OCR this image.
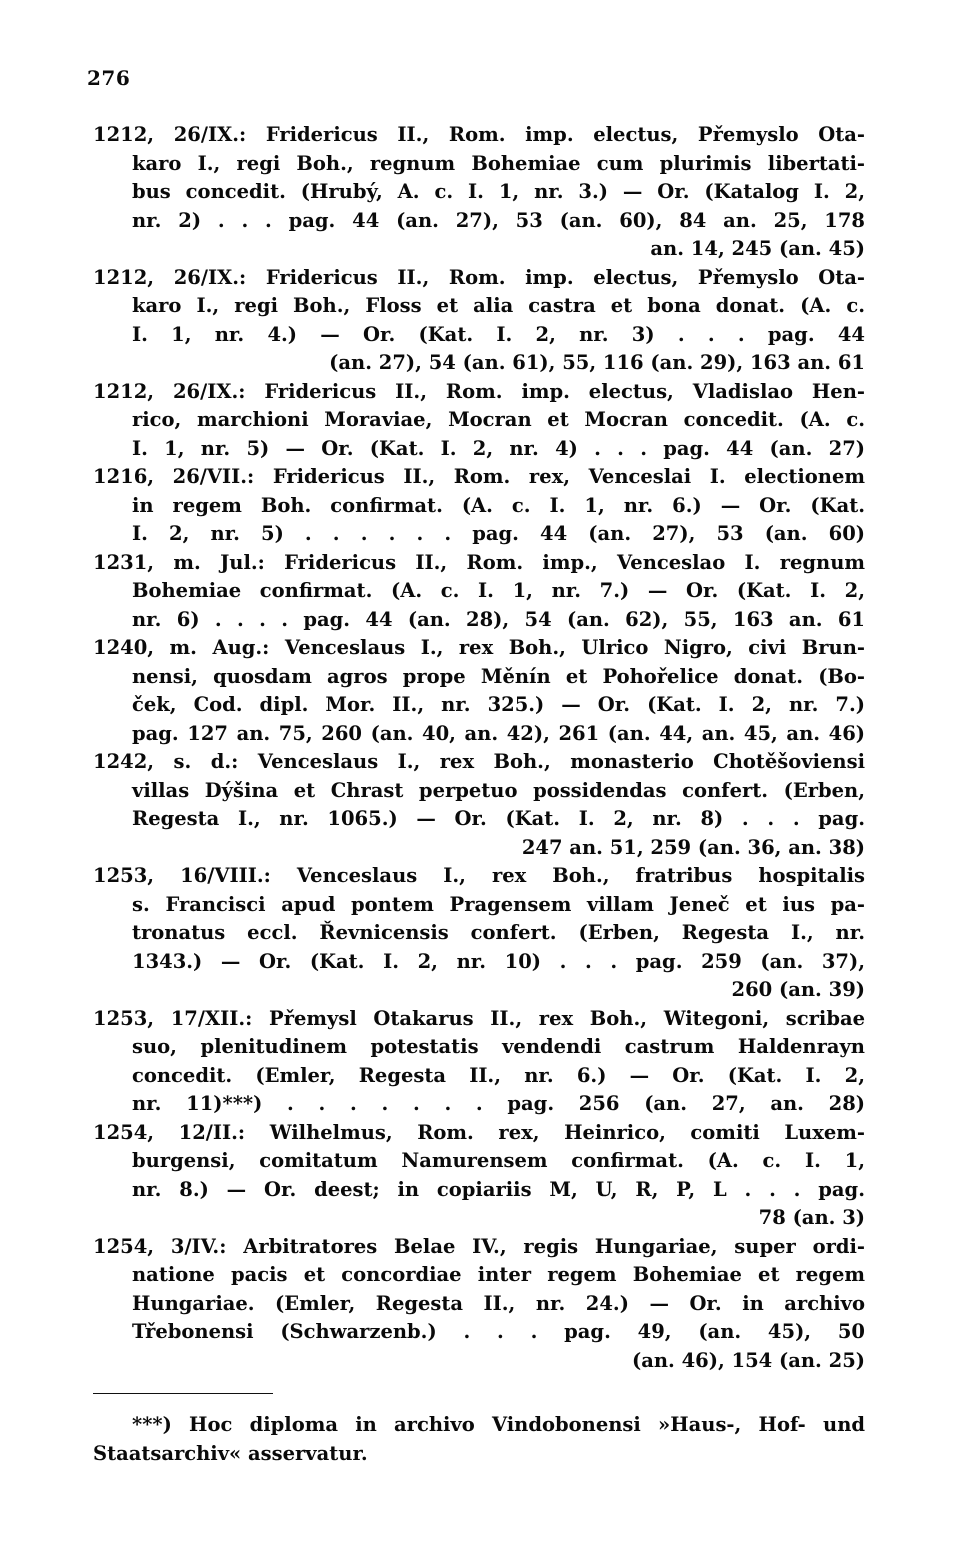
276
1212, 26/IX.: Fridericus II., Rom. imp. electus, Přemyslo Ota-
karo I., regi Boh., regnum Bohemiae cum plurimis libertati-
bus concedit. (Hrubý, A. c. I. 1, nr. 3.) — Or. (Katalog I. 2,
nr. 2) . . . pag. 44 (an. 27), 53 (an. 60), 84 an. 25, 178
an. 14, 245 (an. 45)
1212, 26/IX.: Fridericus II., Rom. imp. electus, Přemyslo Ota-
karo I., regi Boh., Floss et alia castra et bona donat. (A. c.
I. 1, nr. 4.) — Or. (Kat. I. 2, nr. 3) . . . pag. 44
(an. 27), 54 (an. 61), 55, 116 (an. 29), 163 an. 61
1212, 26/IX.: Fridericus II., Rom. imp. electus, Vladislao Hen-
rico, marchioni Moraviae, Mocran et Mocran concedit. (A. c.
I. 1, nr. 5) — Or. (Kat. I. 2, nr. 4) . . . pag. 44 (an. 27)
1216, 26/VII.: Fridericus II., Rom. rex, Venceslai I. electionem
in regem Boh. confirmat. (A. c. I. 1, nr. 6.) — Or. (Kat.
I. 2, nr. 5) . . . . . . pag. 44 (an. 27), 53 (an. 60)
1231, m. Jul.: Fridericus II., Rom. imp., Venceslao I. regnum
Bohemiae confirmat. (A. c. I. 1, nr. 7.) — Or. (Kat. I. 2,
nr. 6) . . . . pag. 44 (an. 28), 54 (an. 62), 55, 163 an. 61
1240, m. Aug.: Venceslaus I., rex Boh., Ulrico Nigro, civi Brun-
nensi, quosdam agros prope Měnín et Pohořelice donat. (Bo-
ček, Cod. dipl. Mor. II., nr. 325.) — Or. (Kat. I. 2, nr. 7.)
pag. 127 an. 75, 260 (an. 40, an. 42), 261 (an. 44, an. 45, an. 46)
1242, s. d.: Venceslaus I., rex Boh., monasterio Chotěšoviensi
villas Dýšina et Chrast perpetuo possidendas confert. (Erben,
Regesta I., nr. 1065.) — Or. (Kat. I. 2, nr. 8) . . . pag.
247 an. 51, 259 (an. 36, an. 38)
1253, 16/VIII.: Venceslaus I., rex Boh., fratribus hospitalis
s. Francisci apud pontem Pragensem villam Jeneč et ius pa-
tronatus eccl. Řevnicensis confert. (Erben, Regesta I., nr.
1343.) — Or. (Kat. I. 2, nr. 10) . . . pag. 259 (an. 37),
260 (an. 39)
1253, 17/XII.: Přemysl Otakarus II., rex Boh., Witegoni, scribae
suo, plenitudinem potestatis vendendi castrum Haldenrayn
concedit. (Emler, Regesta II., nr. 6.) — Or. (Kat. I. 2,
nr. 11)***) . . . . . . . pag. 256 (an. 27, an. 28)
1254, 12/II.: Wilhelmus, Rom. rex, Heinrico, comiti Luxem-
burgensi, comitatum Namurensem confirmat. (A. c. I. 1,
nr. 8.) — Or. deest; in copiariis M, U, R, P, L . . . pag.
78 (an. 3)
1254, 3/IV.: Arbitratores Belae IV., regis Hungariae, super ordi-
natione pacis et concordiae inter regem Bohemiae et regem
Hungariae. (Emler, Regesta II., nr. 24.) — Or. in archivo
Třebonensi (Schwarzenb.) . . . pag. 49, (an. 45), 50
(an. 46), 154 (an. 25)
***) Hoc diploma in archivo Vindobonensi »Haus-, Hof- und
Staatsarchiv« asservatur.
